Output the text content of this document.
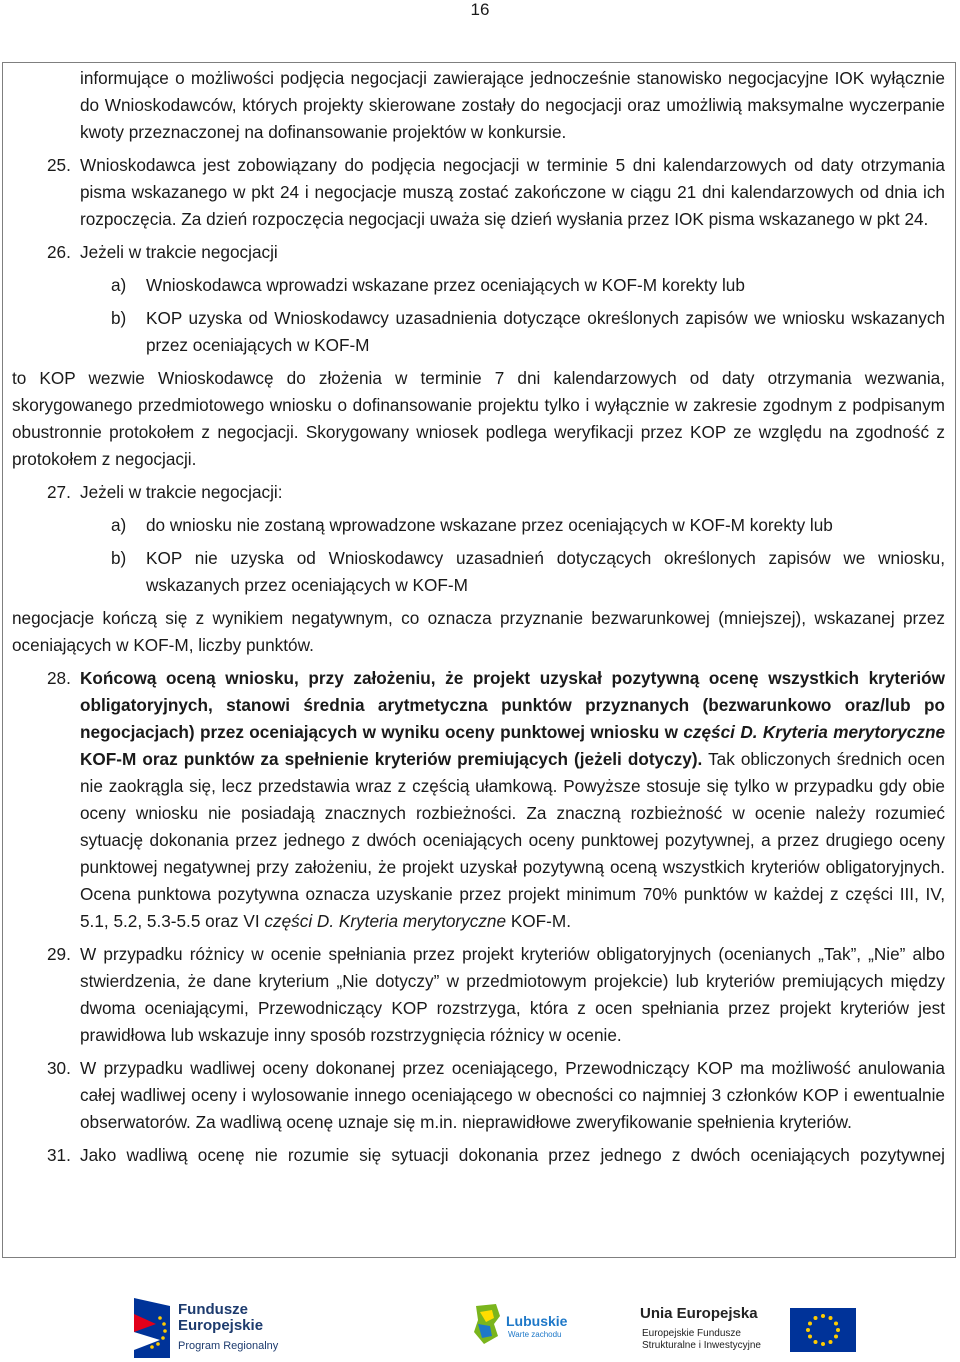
16

informujące o możliwości podjęcia negocjacji zawierające jednocześnie stanowisko negocjacyjne IOK wyłącznie do Wnioskodawców, których projekty skierowane zostały do negocjacji oraz umożliwią maksymalne wyczerpanie kwoty przeznaczonej na dofinansowanie projektów w konkursie.

25. Wnioskodawca jest zobowiązany do podjęcia negocjacji w terminie 5 dni kalendarzowych od daty otrzymania pisma wskazanego w pkt 24 i negocjacje muszą zostać zakończone w ciągu 21 dni kalendarzowych od dnia ich rozpoczęcia. Za dzień rozpoczęcia negocjacji uważa się dzień wysłania przez IOK pisma wskazanego w pkt 24.

26. Jeżeli w trakcie negocjacji

a) Wnioskodawca wprowadzi wskazane przez oceniających w KOF-M korekty lub

b) KOP uzyska od Wnioskodawcy uzasadnienia dotyczące określonych zapisów we wniosku wskazanych przez oceniających w KOF-M

to KOP wezwie Wnioskodawcę do złożenia w terminie 7 dni kalendarzowych od daty otrzymania wezwania, skorygowanego przedmiotowego wniosku o dofinansowanie projektu tylko i wyłącznie w zakresie zgodnym z podpisanym obustronnie protokołem z negocjacji. Skorygowany wniosek podlega weryfikacji przez KOP ze względu na zgodność z protokołem z negocjacji.

27. Jeżeli w trakcie negocjacji:

a) do wniosku nie zostaną wprowadzone wskazane przez oceniających w KOF-M korekty lub

b) KOP nie uzyska od Wnioskodawcy uzasadnień dotyczących określonych zapisów we wniosku, wskazanych przez oceniających w KOF-M

negocjacje kończą się z wynikiem negatywnym, co oznacza przyznanie bezwarunkowej (mniejszej), wskazanej przez oceniających w KOF-M, liczby punktów.

28. Końcową oceną wniosku, przy założeniu, że projekt uzyskał pozytywną ocenę wszystkich kryteriów obligatoryjnych, stanowi średnia arytmetyczna punktów przyznanych (bezwarunkowo oraz/lub po negocjacjach) przez oceniających w wyniku oceny punktowej wniosku w części D. Kryteria merytoryczne KOF-M oraz punktów za spełnienie kryteriów premiujących (jeżeli dotyczy). Tak obliczonych średnich ocen nie zaokrągla się, lecz przedstawia wraz z częścią ułamkową. Powyższe stosuje się tylko w przypadku gdy obie oceny wniosku nie posiadają znacznych rozbieżności. Za znaczną rozbieżność w ocenie należy rozumieć sytuację dokonania przez jednego z dwóch oceniających oceny punktowej pozytywnej, a przez drugiego oceny punktowej negatywnej przy założeniu, że projekt uzyskał pozytywną oceną wszystkich kryteriów obligatoryjnych. Ocena punktowa pozytywna oznacza uzyskanie przez projekt minimum 70% punktów w każdej z części III, IV, 5.1, 5.2, 5.3-5.5 oraz VI części D. Kryteria merytoryczne KOF-M.

29. W przypadku różnicy w ocenie spełniania przez projekt kryteriów obligatoryjnych (ocenianych „Tak”, „Nie” albo stwierdzenia, że dane kryterium „Nie dotyczy” w przedmiotowym projekcie) lub kryteriów premiujących między dwoma oceniającymi, Przewodniczący KOP rozstrzyga, która z ocen spełniania przez projekt kryteriów jest prawidłowa lub wskazuje inny sposób rozstrzygnięcia różnicy w ocenie.

30. W przypadku wadliwej oceny dokonanej przez oceniającego, Przewodniczący KOP ma możliwość anulowania całej wadliwej oceny i wylosowanie innego oceniającego w obecności co najmniej 3 członków KOP i ewentualnie obserwatorów. Za wadliwą ocenę uznaje się m.in. nieprawidłowe zweryfikowanie spełnienia kryteriów.

31. Jako wadliwą ocenę nie rozumie się sytuacji dokonania przez jednego z dwóch oceniających pozytywnej

Fundusze
Europejskie
Program Regionalny
Lubuskie
Warte zachodu
Unia Europejska
Europejskie Fundusze
Strukturalne i Inwestycyjne
